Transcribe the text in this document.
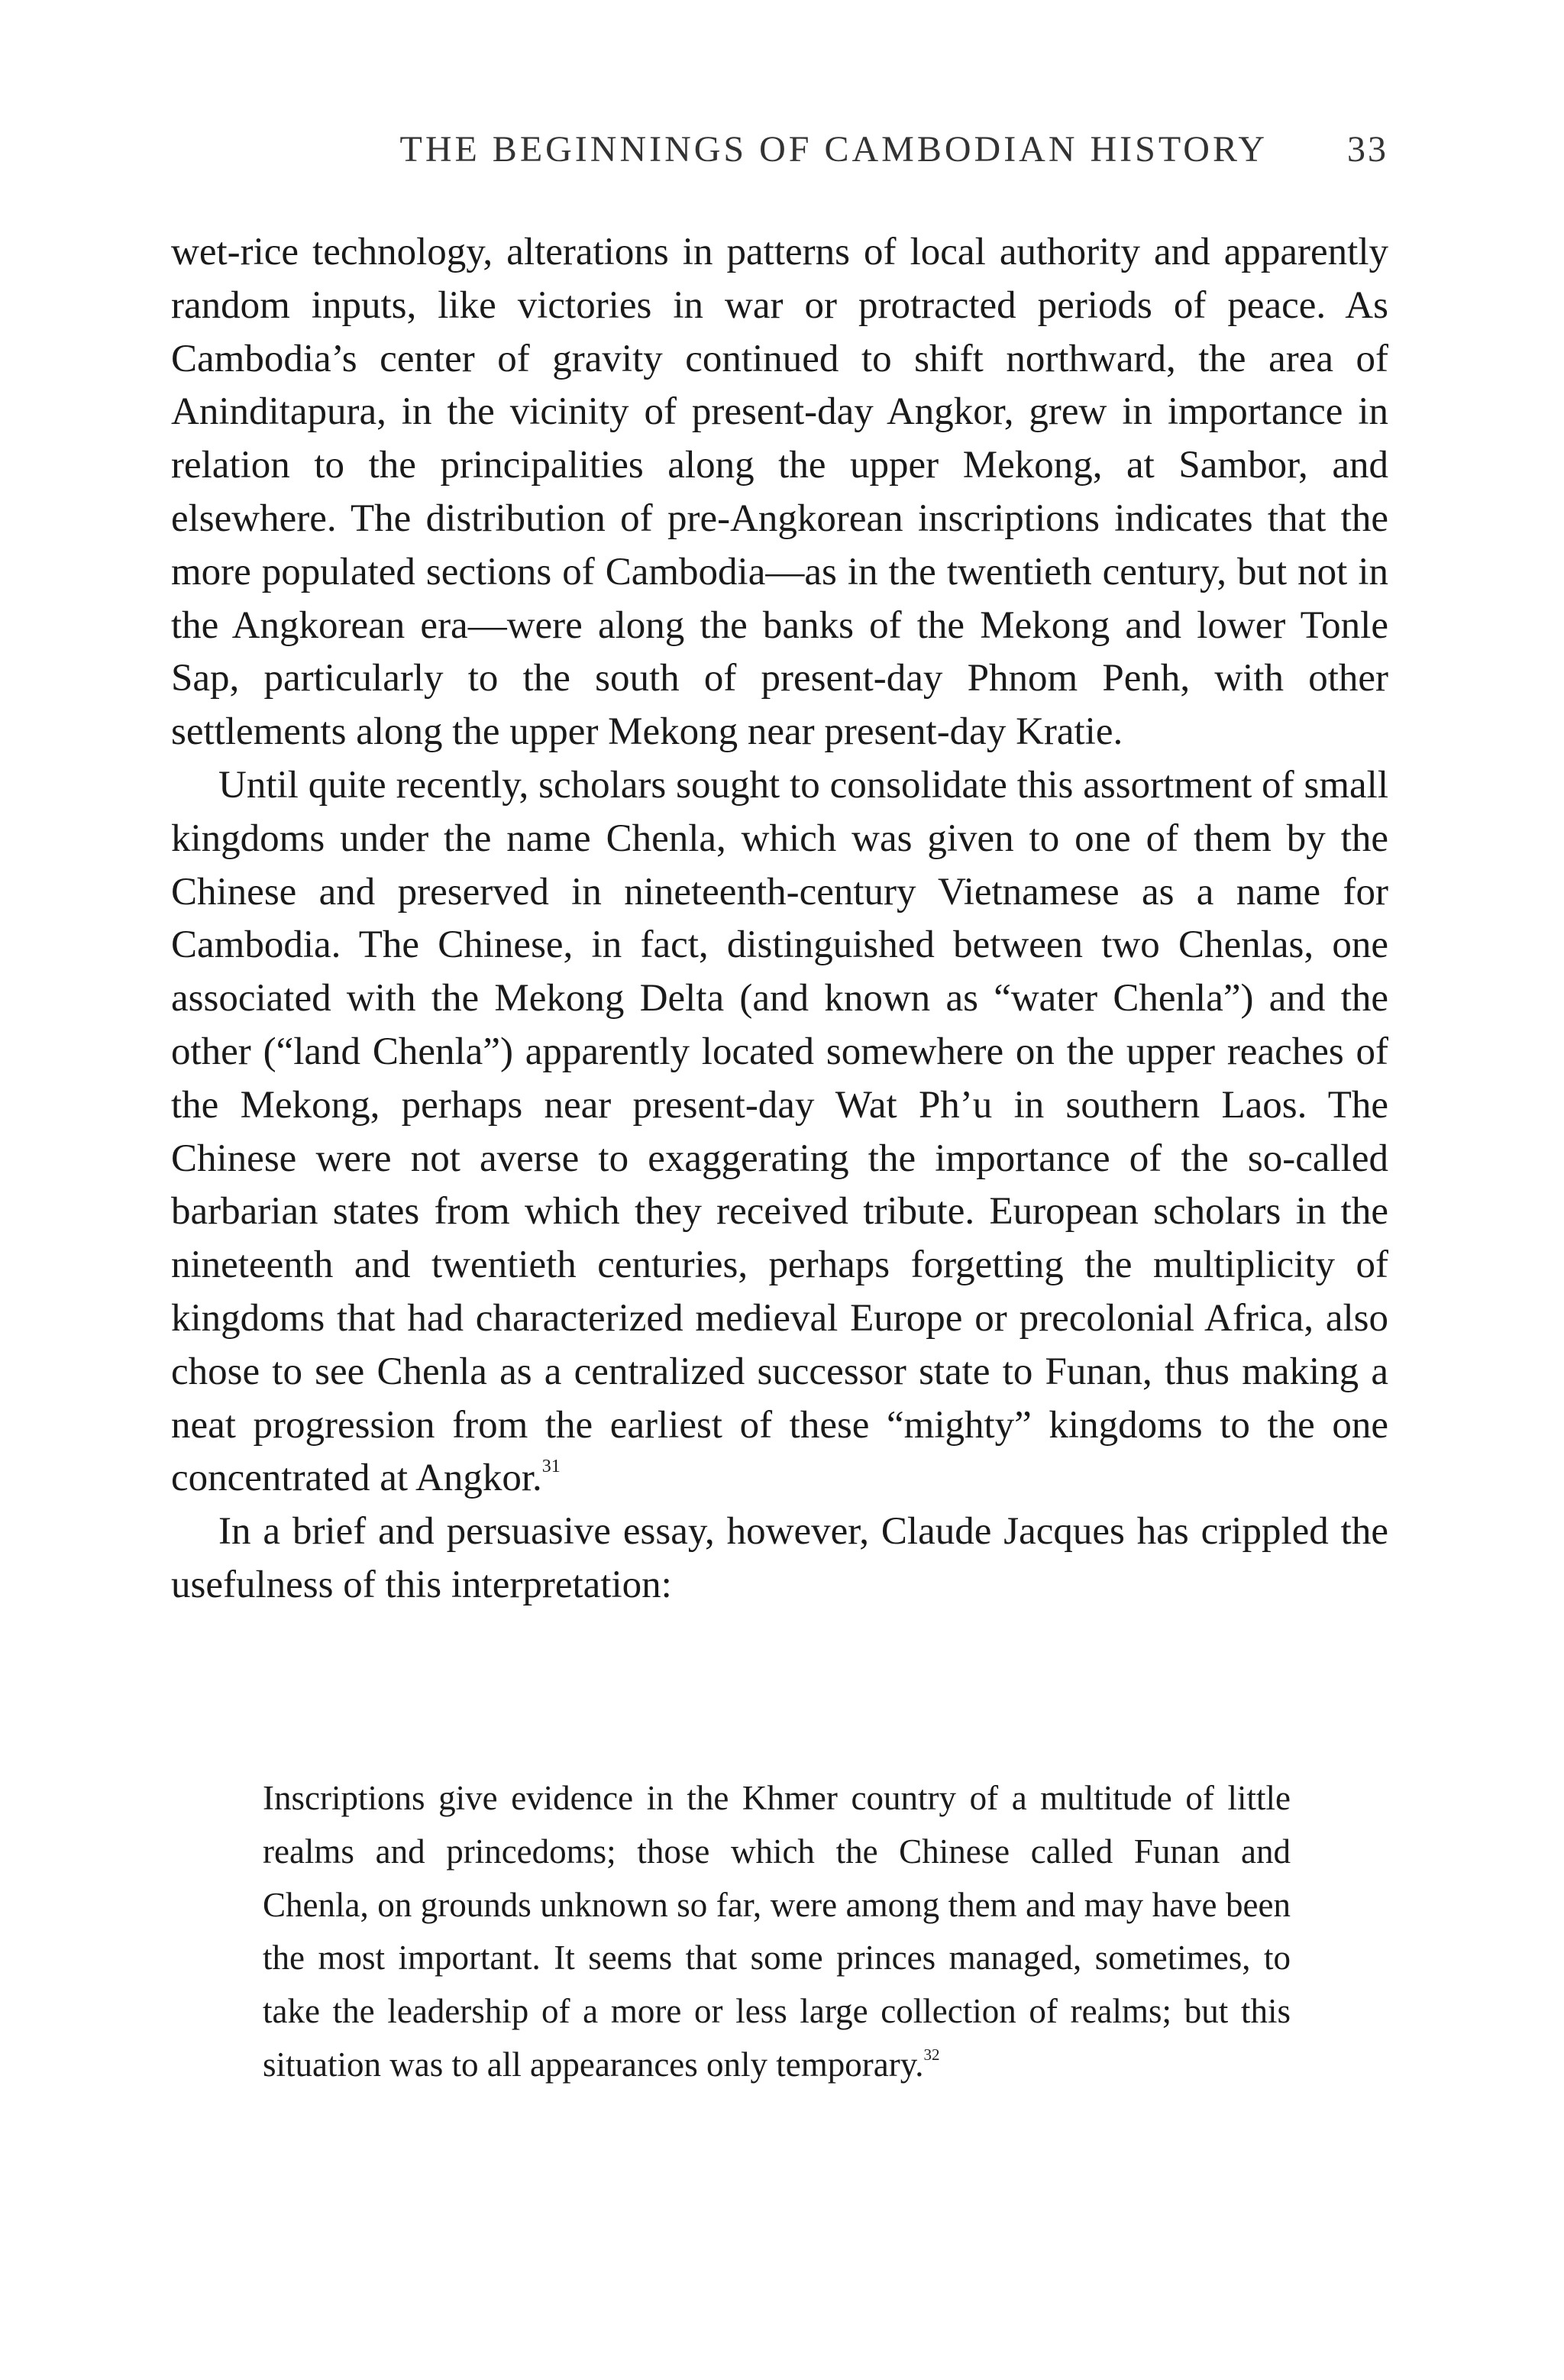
THE BEGINNINGS OF CAMBODIAN HISTORY 33

wet-rice technology, alterations in patterns of local authority and apparently random inputs, like victories in war or protracted periods of peace. As Cambodia’s center of gravity continued to shift northward, the area of Aninditapura, in the vicinity of present-day Angkor, grew in importance in relation to the principalities along the upper Mekong, at Sambor, and elsewhere. The distribution of pre-Angkorean inscriptions indicates that the more populated sections of Cambodia—as in the twentieth century, but not in the Angkorean era—were along the banks of the Mekong and lower Tonle Sap, particularly to the south of present-day Phnom Penh, with other settlements along the upper Mekong near present-day Kratie.

Until quite recently, scholars sought to consolidate this assortment of small kingdoms under the name Chenla, which was given to one of them by the Chinese and preserved in nineteenth-century Vietnamese as a name for Cambodia. The Chinese, in fact, distinguished between two Chenlas, one associated with the Mekong Delta (and known as “water Chenla”) and the other (“land Chenla”) apparently located somewhere on the upper reaches of the Mekong, perhaps near present-day Wat Ph’u in southern Laos. The Chinese were not averse to exaggerating the importance of the so-called barbarian states from which they received tribute. European scholars in the nineteenth and twentieth centuries, perhaps forgetting the multiplicity of kingdoms that had characterized medieval Europe or precolonial Africa, also chose to see Chenla as a centralized successor state to Funan, thus making a neat progression from the earliest of these “mighty” kingdoms to the one concentrated at Angkor.$^{31}$

In a brief and persuasive essay, however, Claude Jacques has crippled the usefulness of this interpretation:

Inscriptions give evidence in the Khmer country of a multitude of little realms and princedoms; those which the Chinese called Funan and Chenla, on grounds unknown so far, were among them and may have been the most important. It seems that some princes managed, sometimes, to take the leadership of a more or less large collection of realms; but this situation was to all appearances only temporary.$^{32}$
